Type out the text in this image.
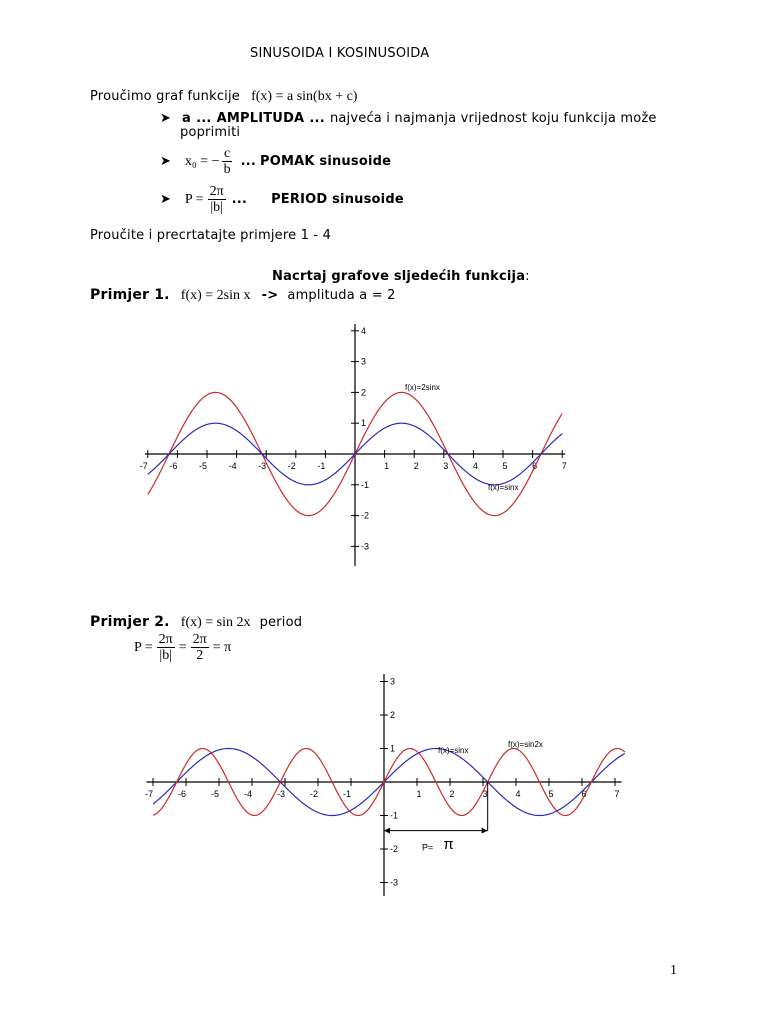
SINUSOIDA I KOSINUSOIDA
Proučimo graf funkcije f(x) = a sin(bx + c)
➤ a ... AMPLITUDA ... najveća i najmanja vrijednost koju funkcija može
poprimiti
➤ x₀ = − $\frac{c}{b}$ ... POMAK sinusoide
➤ $P = \frac{2\pi}{|b|}$ ... PERIOD sinusoide
Proučite i precrtatajte primjere 1 - 4
Nacrtaj grafove sljedećih funkcija:
Primjer 1. f(x) = 2sin x -> amplituda a = 2
-7 -6 -5 -4 -3 -2 -1	1	2	3	4	5	6	7
-3
-2
-1
1
2
3
4
f(x)=2sinx
f(x)=sinx
Primjer 2. f(x) = sin 2x period
$P = \frac{2\pi}{|b|} = \frac{2\pi}{2} = \pi$
-7	-6	-5	-4	-3	-2	-1	1	2	3	4	5	6	7
-3
-2
-1
1
2
3
f(x)=sinx
f(x)=sin2x
P= π
1
